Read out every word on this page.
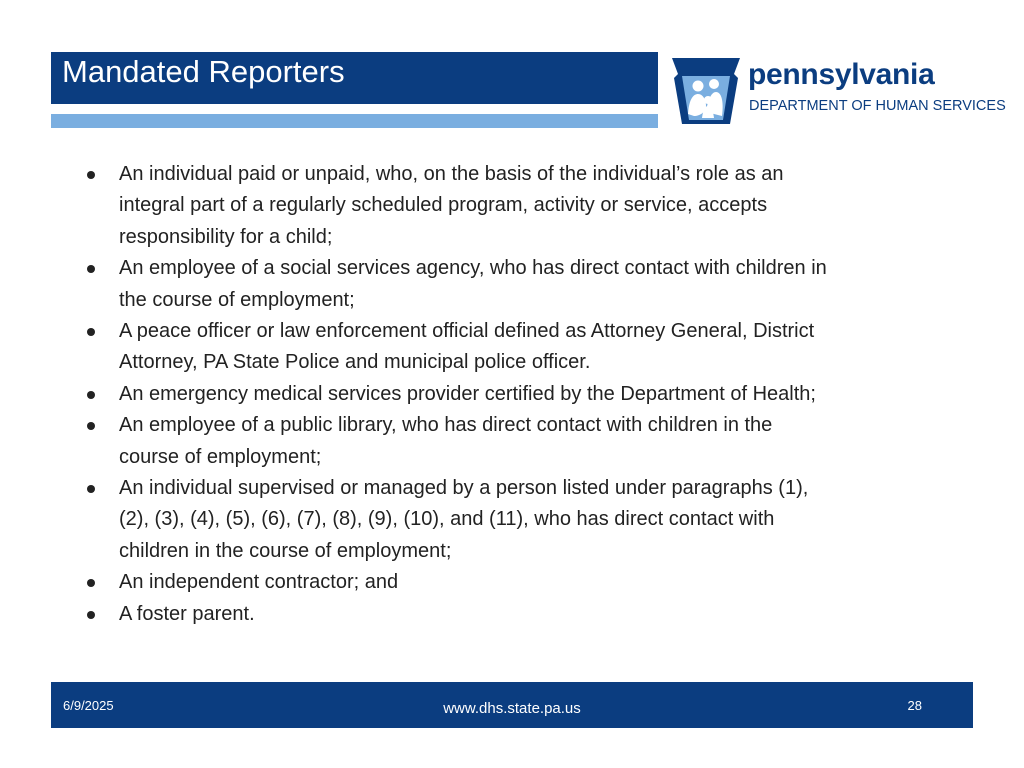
Mandated Reporters	pennsylvania
DEPARTMENT OF HUMAN SERVICES
An individual paid or unpaid, who, on the basis of the individual’s role as an
integral part of a regularly scheduled program, activity or service, accepts
responsibility for a child;
An employee of a social services agency, who has direct contact with children in
the course of employment;
A peace officer or law enforcement official defined as Attorney General, District
Attorney, PA State Police and municipal police officer.
An emergency medical services provider certified by the Department of Health;
An employee of a public library, who has direct contact with children in the
course of employment;
An individual supervised or managed by a person listed under paragraphs (1),
(2), (3), (4), (5), (6), (7), (8), (9), (10), and (11), who has direct contact with
children in the course of employment;
An independent contractor; and
A foster parent.
6/9/2025	www.dhs.state.pa.us	28
